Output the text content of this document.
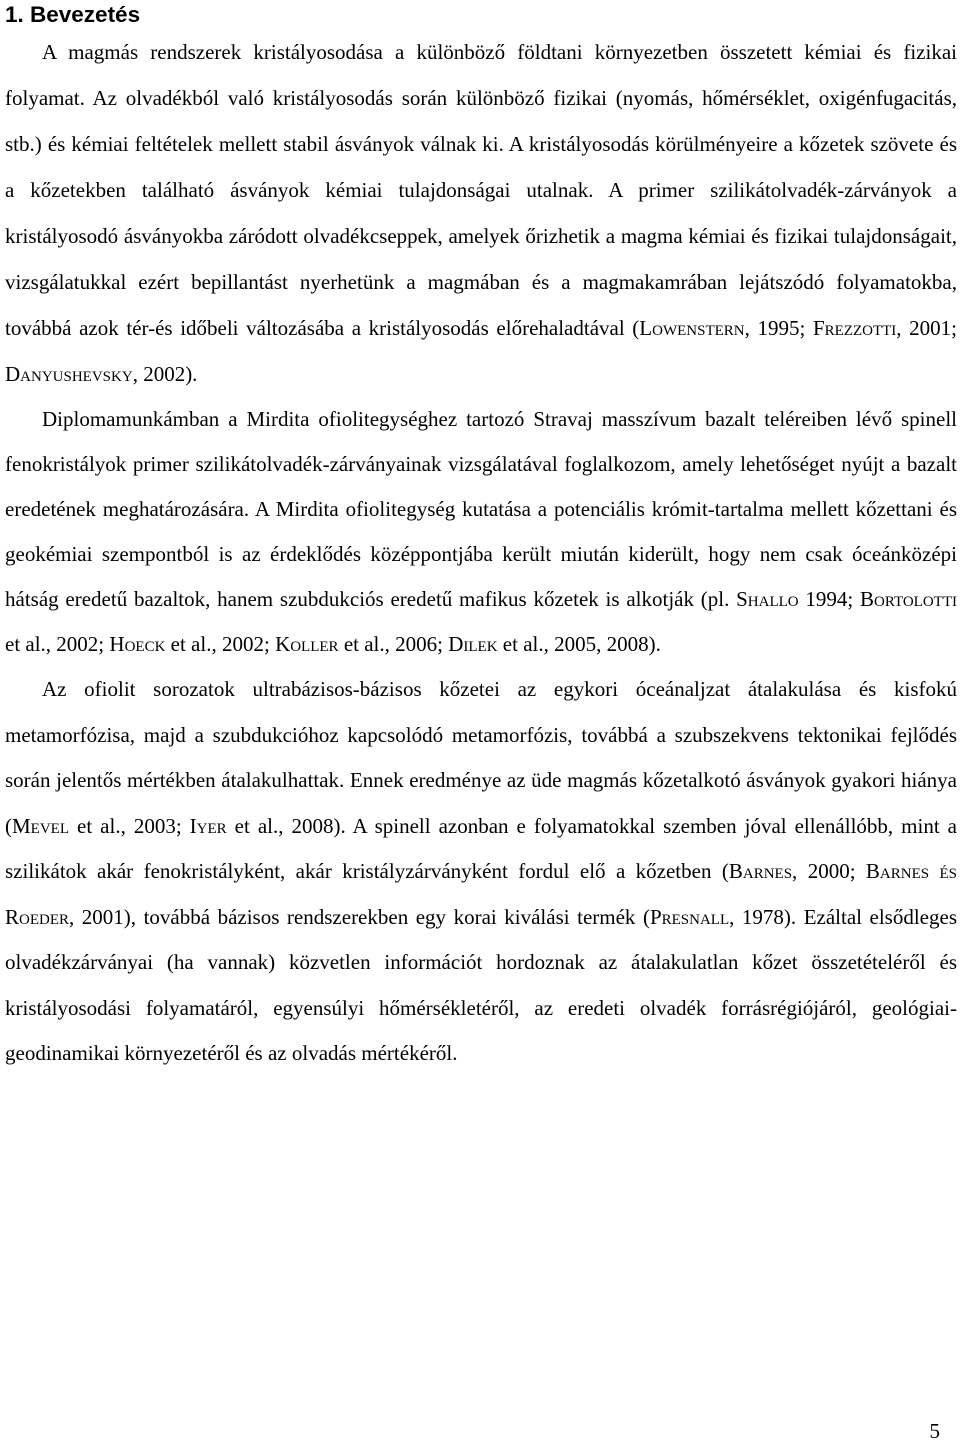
1. Bevezetés

A magmás rendszerek kristályosodása a különböző földtani környezetben összetett kémiai és fizikai folyamat. Az olvadékból való kristályosodás során különböző fizikai (nyomás, hőmérséklet, oxigénfugacitás, stb.) és kémiai feltételek mellett stabil ásványok válnak ki. A kristályosodás körülményeire a kőzetek szövete és a kőzetekben található ásványok kémiai tulajdonságai utalnak. A primer szilikátolvadék-zárványok a kristályosodó ásványokba záródott olvadékcseppek, amelyek őrizhetik a magma kémiai és fizikai tulajdonságait, vizsgálatukkal ezért bepillantást nyerhetünk a magmában és a magmakamrában lejátszódó folyamatokba, továbbá azok tér-és időbeli változásába a kristályosodás előrehaladtával (Lowenstern, 1995; Frezzotti, 2001; Danyushevsky, 2002).

Diplomamunkámban a Mirdita ofiolitegységhez tartozó Stravaj masszívum bazalt teléreiben lévő spinell fenokristályok primer szilikátolvadék-zárványainak vizsgálatával foglalkozom, amely lehetőséget nyújt a bazalt eredetének meghatározására. A Mirdita ofiolitegység kutatása a potenciális krómit-tartalma mellett kőzettani és geokémiai szempontból is az érdeklődés középpontjába került miután kiderült, hogy nem csak óceánközépi hátság eredetű bazaltok, hanem szubdukciós eredetű mafikus kőzetek is alkotják (pl. Shallo 1994; Bortolotti et al., 2002; Hoeck et al., 2002; Koller et al., 2006; Dilek et al., 2005, 2008).

Az ofiolit sorozatok ultrabázisos-bázisos kőzetei az egykori óceánaljzat átalakulása és kisfokú metamorfózisa, majd a szubdukcióhoz kapcsolódó metamorfózis, továbbá a szubszekvens tektonikai fejlődés során jelentős mértékben átalakulhattak. Ennek eredménye az üde magmás kőzetalkotó ásványok gyakori hiánya (Mevel et al., 2003; Iyer et al., 2008). A spinell azonban e folyamatokkal szemben jóval ellenállóbb, mint a szilikátok akár fenokristályként, akár kristályzárványként fordul elő a kőzetben (Barnes, 2000; Barnes és Roeder, 2001), továbbá bázisos rendszerekben egy korai kiválási termék (Presnall, 1978). Ezáltal elsődleges olvadékzárványai (ha vannak) közvetlen információt hordoznak az átalakulatlan kőzet összetételéről és kristályosodási folyamatáról, egyensúlyi hőmérsékletéről, az eredeti olvadék forrásrégiójáról, geológiai-geodinamikai környezetéről és az olvadás mértékéről.

5
